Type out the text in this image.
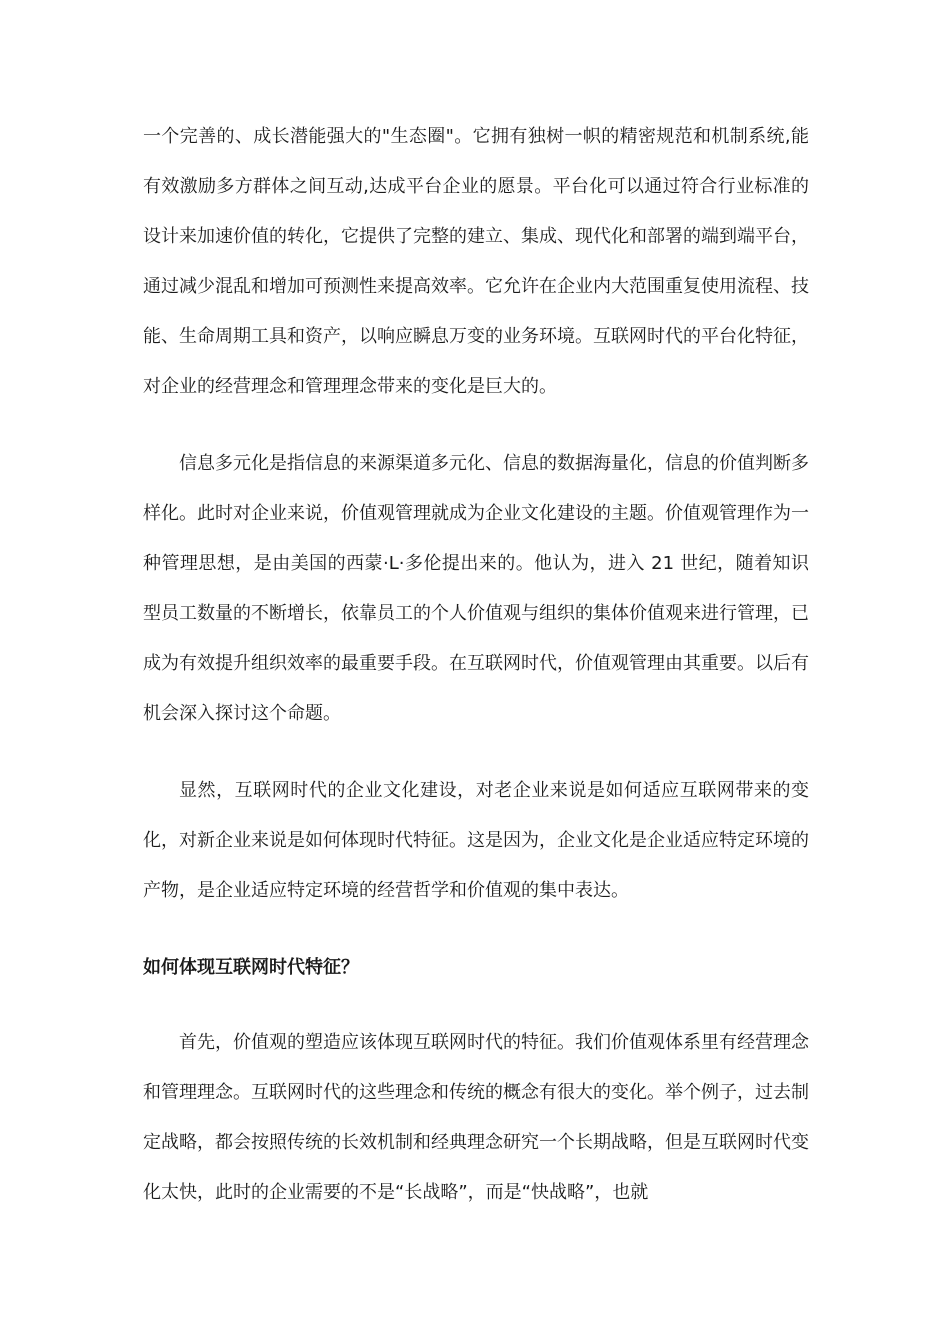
一个完善的、成长潜能强大的"生态圈"。它拥有独树一帜的精密规范和机制系统,能有效激励多方群体之间互动,达成平台企业的愿景。平台化可以通过符合行业标准的设计来加速价值的转化，它提供了完整的建立、集成、现代化和部署的端到端平台，通过减少混乱和增加可预测性来提高效率。它允许在企业内大范围重复使用流程、技能、生命周期工具和资产，以响应瞬息万变的业务环境。互联网时代的平台化特征，对企业的经营理念和管理理念带来的变化是巨大的。

信息多元化是指信息的来源渠道多元化、信息的数据海量化，信息的价值判断多样化。此时对企业来说，价值观管理就成为企业文化建设的主题。价值观管理作为一种管理思想，是由美国的西蒙·L·多伦提出来的。他认为，进入 21 世纪，随着知识型员工数量的不断增长，依靠员工的个人价值观与组织的集体价值观来进行管理，已成为有效提升组织效率的最重要手段。在互联网时代，价值观管理由其重要。以后有机会深入探讨这个命题。

显然，互联网时代的企业文化建设，对老企业来说是如何适应互联网带来的变化，对新企业来说是如何体现时代特征。这是因为，企业文化是企业适应特定环境的产物，是企业适应特定环境的经营哲学和价值观的集中表达。

如何体现互联网时代特征？

首先，价值观的塑造应该体现互联网时代的特征。我们价值观体系里有经营理念和管理理念。互联网时代的这些理念和传统的概念有很大的变化。举个例子，过去制定战略，都会按照传统的长效机制和经典理念研究一个长期战略，但是互联网时代变化太快，此时的企业需要的不是“长战略”，而是“快战略”，也就
